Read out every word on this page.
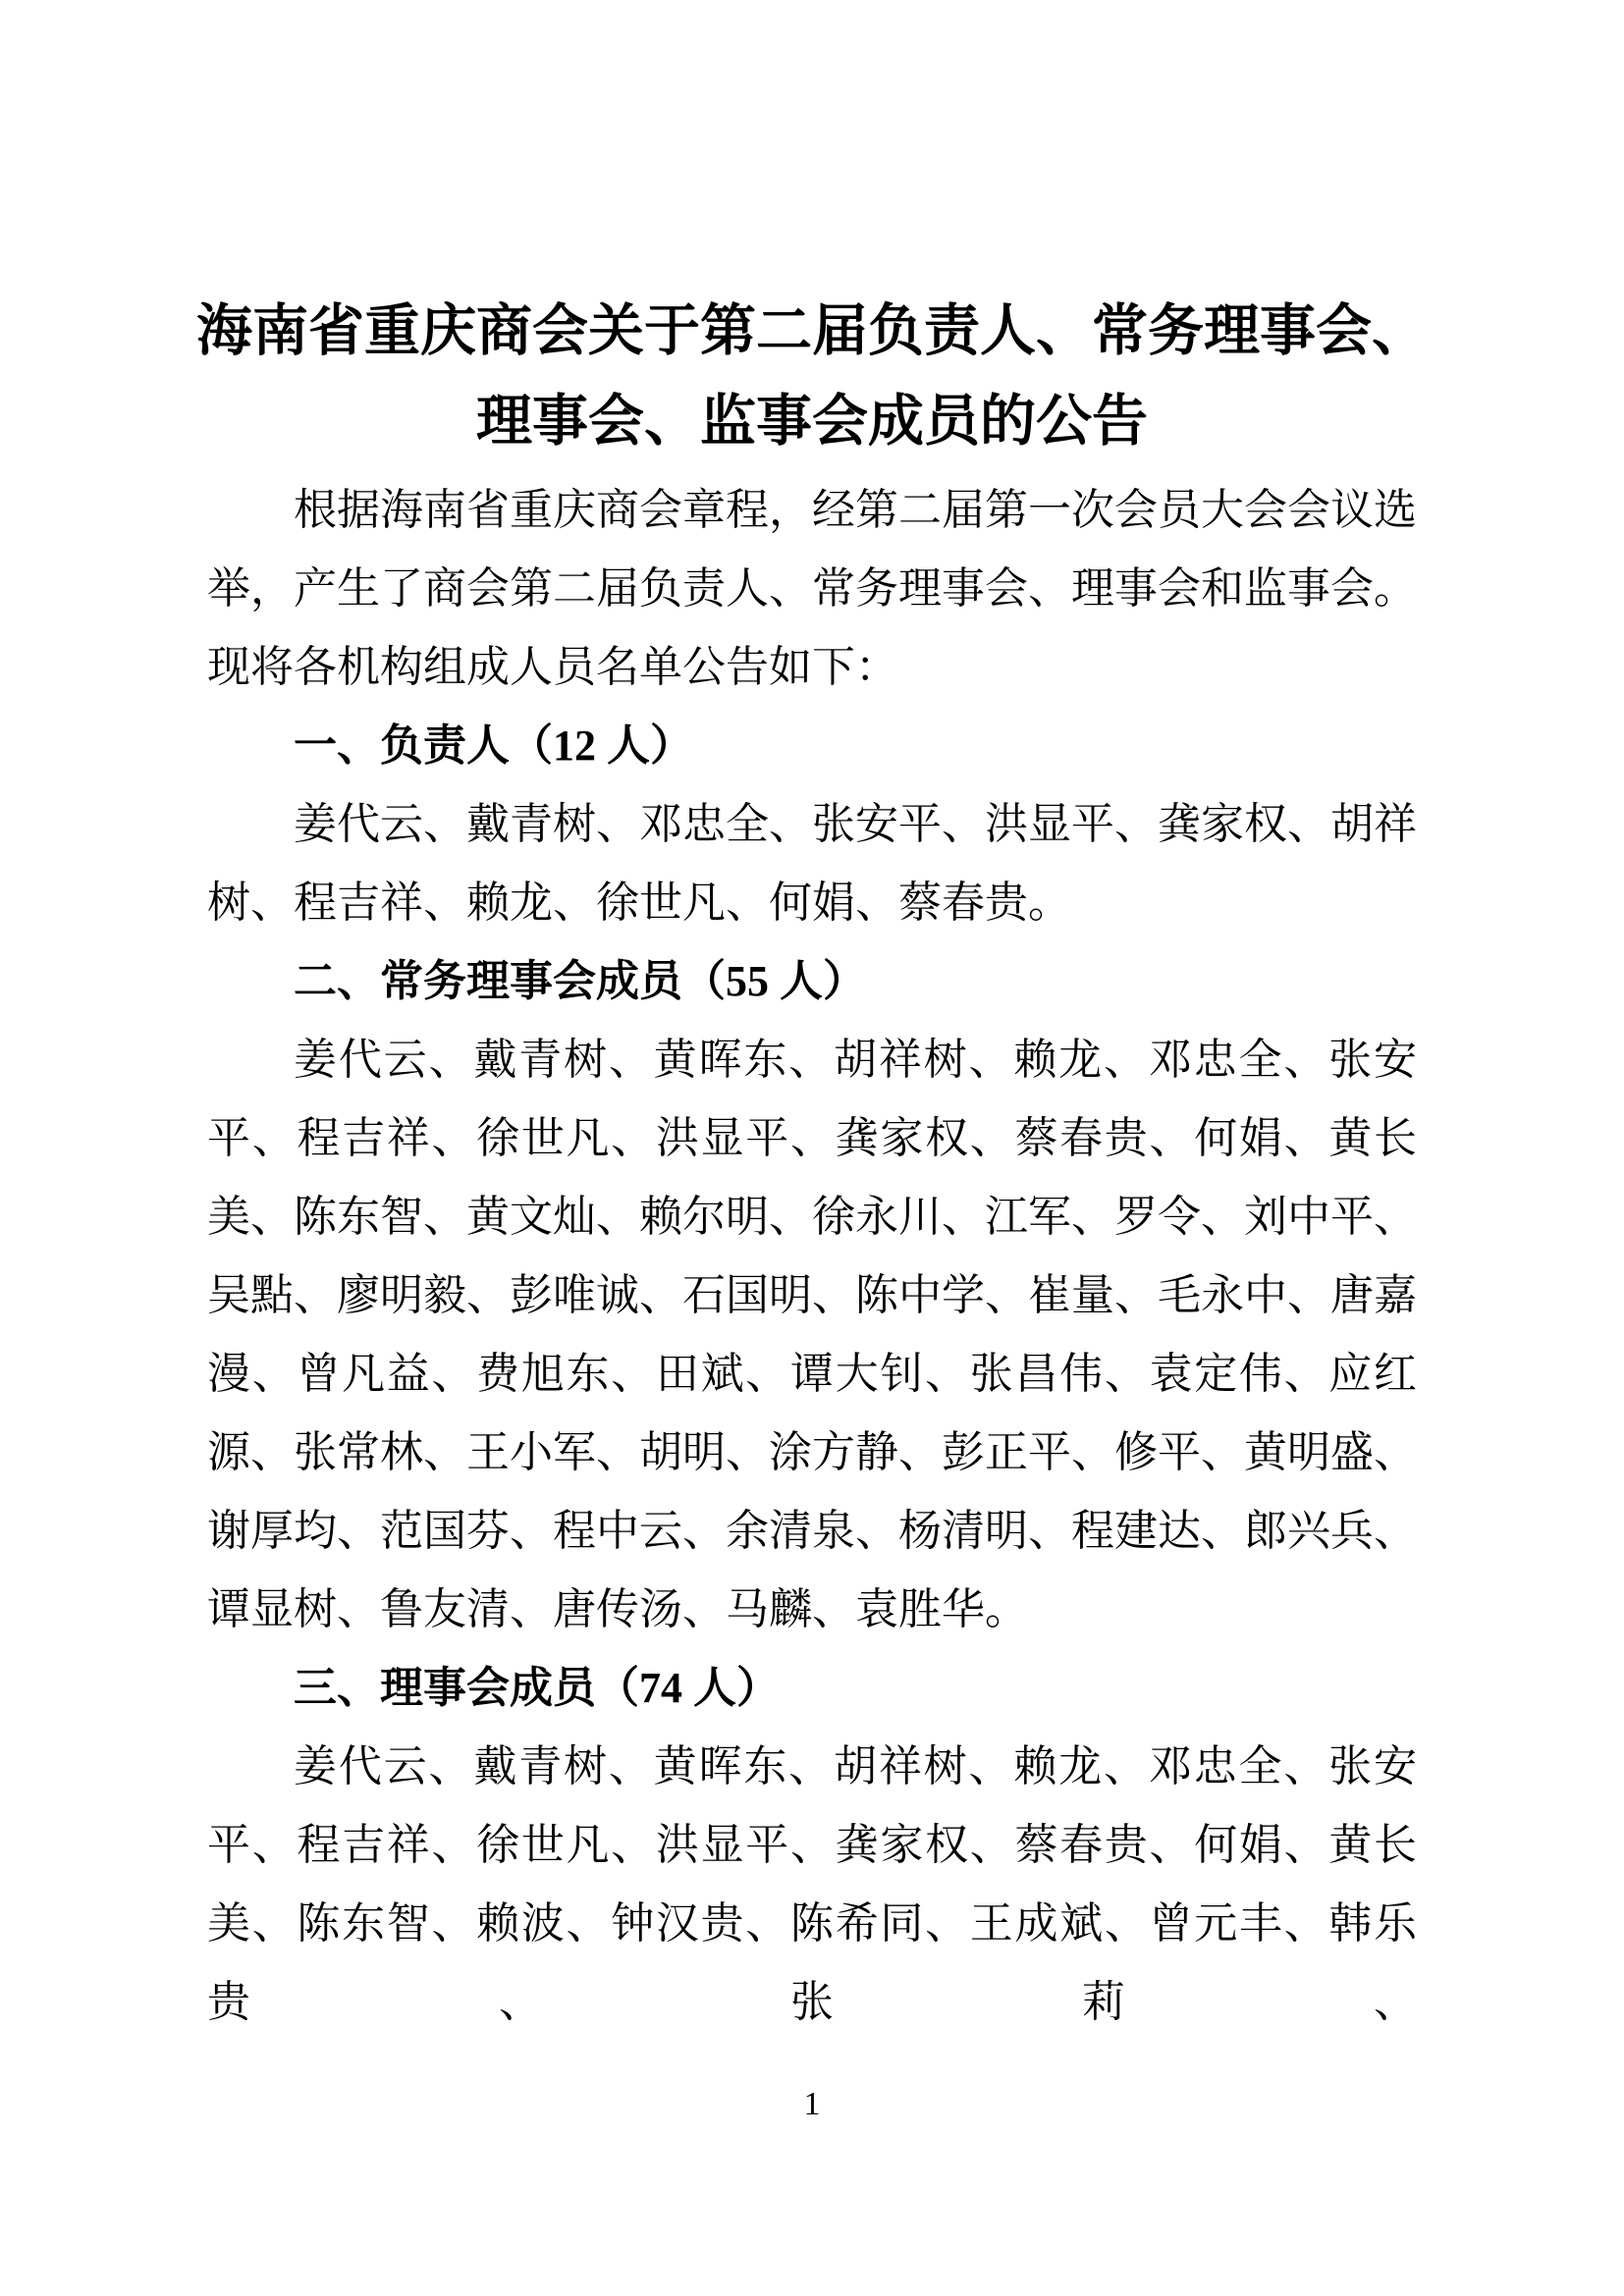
海南省重庆商会关于第二届负责人、常务理事会、
理事会、监事会成员的公告

根据海南省重庆商会章程，经第二届第一次会员大会会议选举，产生了商会第二届负责人、常务理事会、理事会和监事会。现将各机构组成人员名单公告如下：

一、负责人（12 人）

姜代云、戴青树、邓忠全、张安平、洪显平、龚家权、胡祥树、程吉祥、赖龙、徐世凡、何娟、蔡春贵。

二、常务理事会成员（55 人）

姜代云、戴青树、黄晖东、胡祥树、赖龙、邓忠全、张安平、程吉祥、徐世凡、洪显平、龚家权、蔡春贵、何娟、黄长美、陈东智、黄文灿、赖尔明、徐永川、江军、罗令、刘中平、吴點、廖明毅、彭唯诚、石国明、陈中学、崔量、毛永中、唐嘉漫、曾凡益、费旭东、田斌、谭大钊、张昌伟、袁定伟、应红源、张常林、王小军、胡明、涂方静、彭正平、修平、黄明盛、谢厚均、范国芬、程中云、余清泉、杨清明、程建达、郎兴兵、谭显树、鲁友清、唐传汤、马麟、袁胜华。

三、理事会成员（74 人）

姜代云、戴青树、黄晖东、胡祥树、赖龙、邓忠全、张安平、程吉祥、徐世凡、洪显平、龚家权、蔡春贵、何娟、黄长美、陈东智、赖波、钟汉贵、陈希同、王成斌、曾元丰、韩乐贵、张莉、

1
